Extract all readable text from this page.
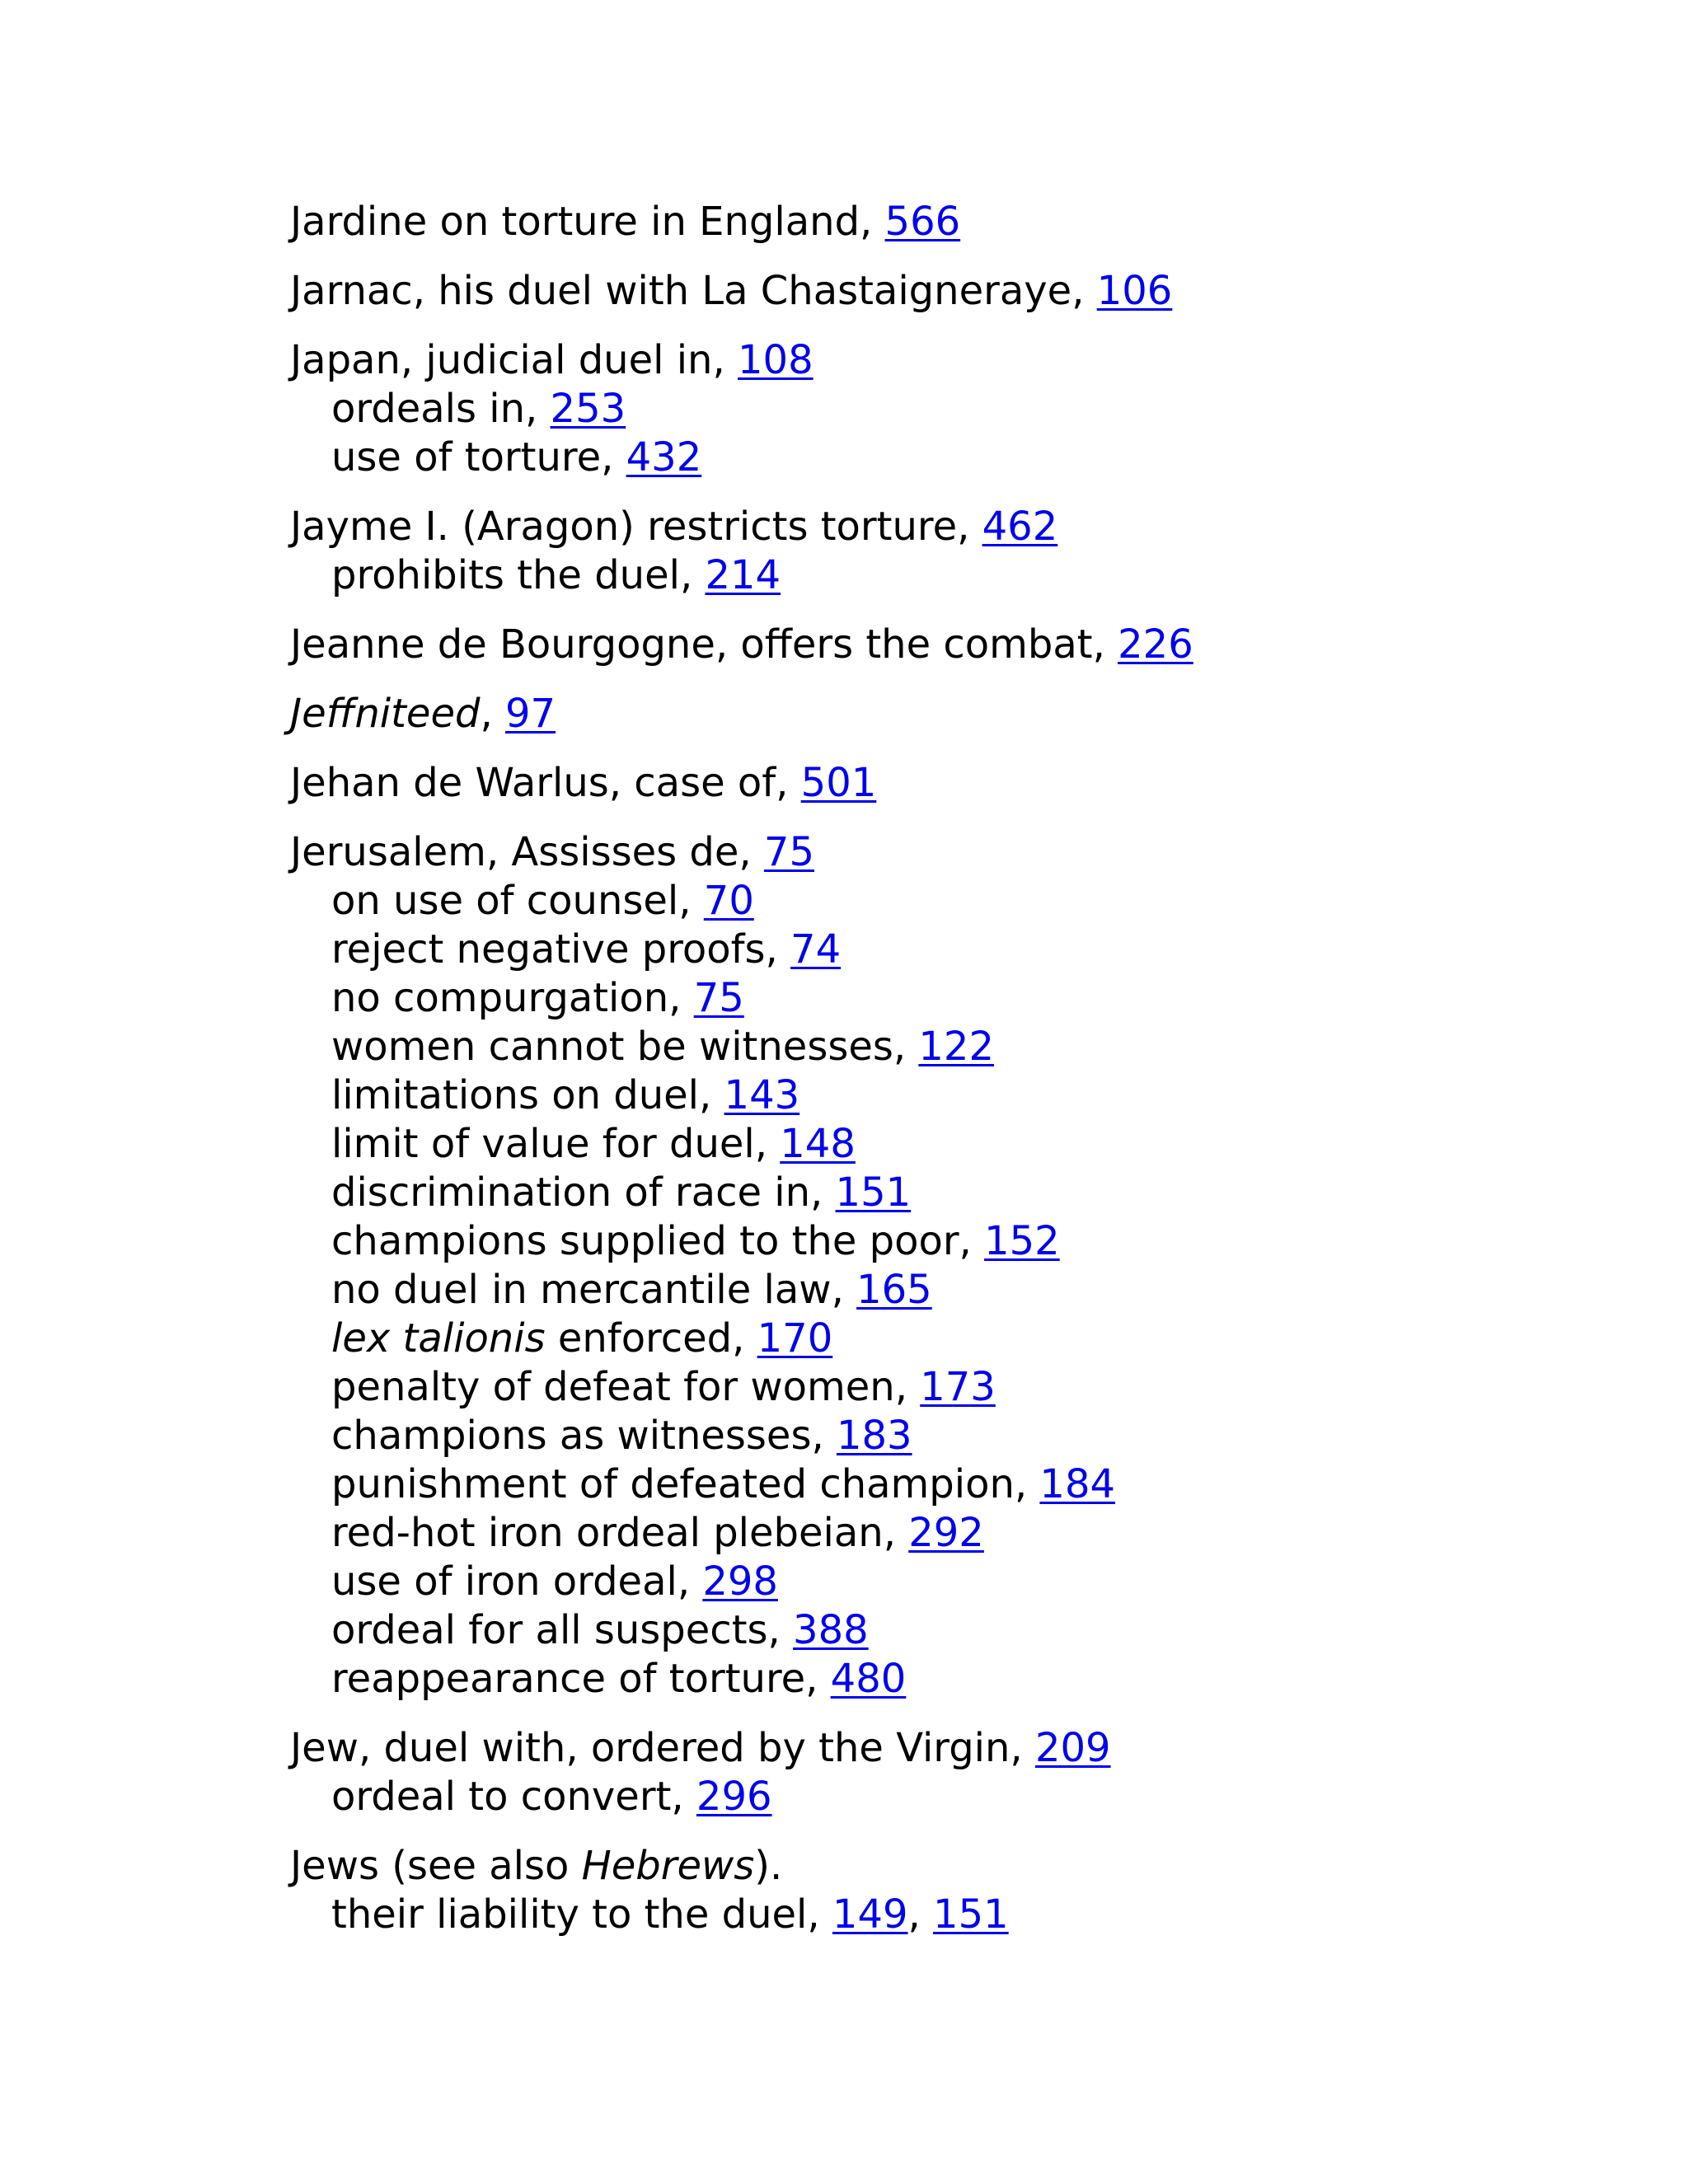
Jardine on torture in England, 566
Jarnac, his duel with La Chastaigneraye, 106
Japan, judicial duel in, 108
ordeals in, 253
use of torture, 432
Jayme I. (Aragon) restricts torture, 462
prohibits the duel, 214
Jeanne de Bourgogne, offers the combat, 226
Jeffniteed, 97
Jehan de Warlus, case of, 501
Jerusalem, Assisses de, 75
on use of counsel, 70
reject negative proofs, 74
no compurgation, 75
women cannot be witnesses, 122
limitations on duel, 143
limit of value for duel, 148
discrimination of race in, 151
champions supplied to the poor, 152
no duel in mercantile law, 165
lex talionis enforced, 170
penalty of defeat for women, 173
champions as witnesses, 183
punishment of defeated champion, 184
red-hot iron ordeal plebeian, 292
use of iron ordeal, 298
ordeal for all suspects, 388
reappearance of torture, 480
Jew, duel with, ordered by the Virgin, 209
ordeal to convert, 296
Jews (see also Hebrews).
their liability to the duel, 149, 151
